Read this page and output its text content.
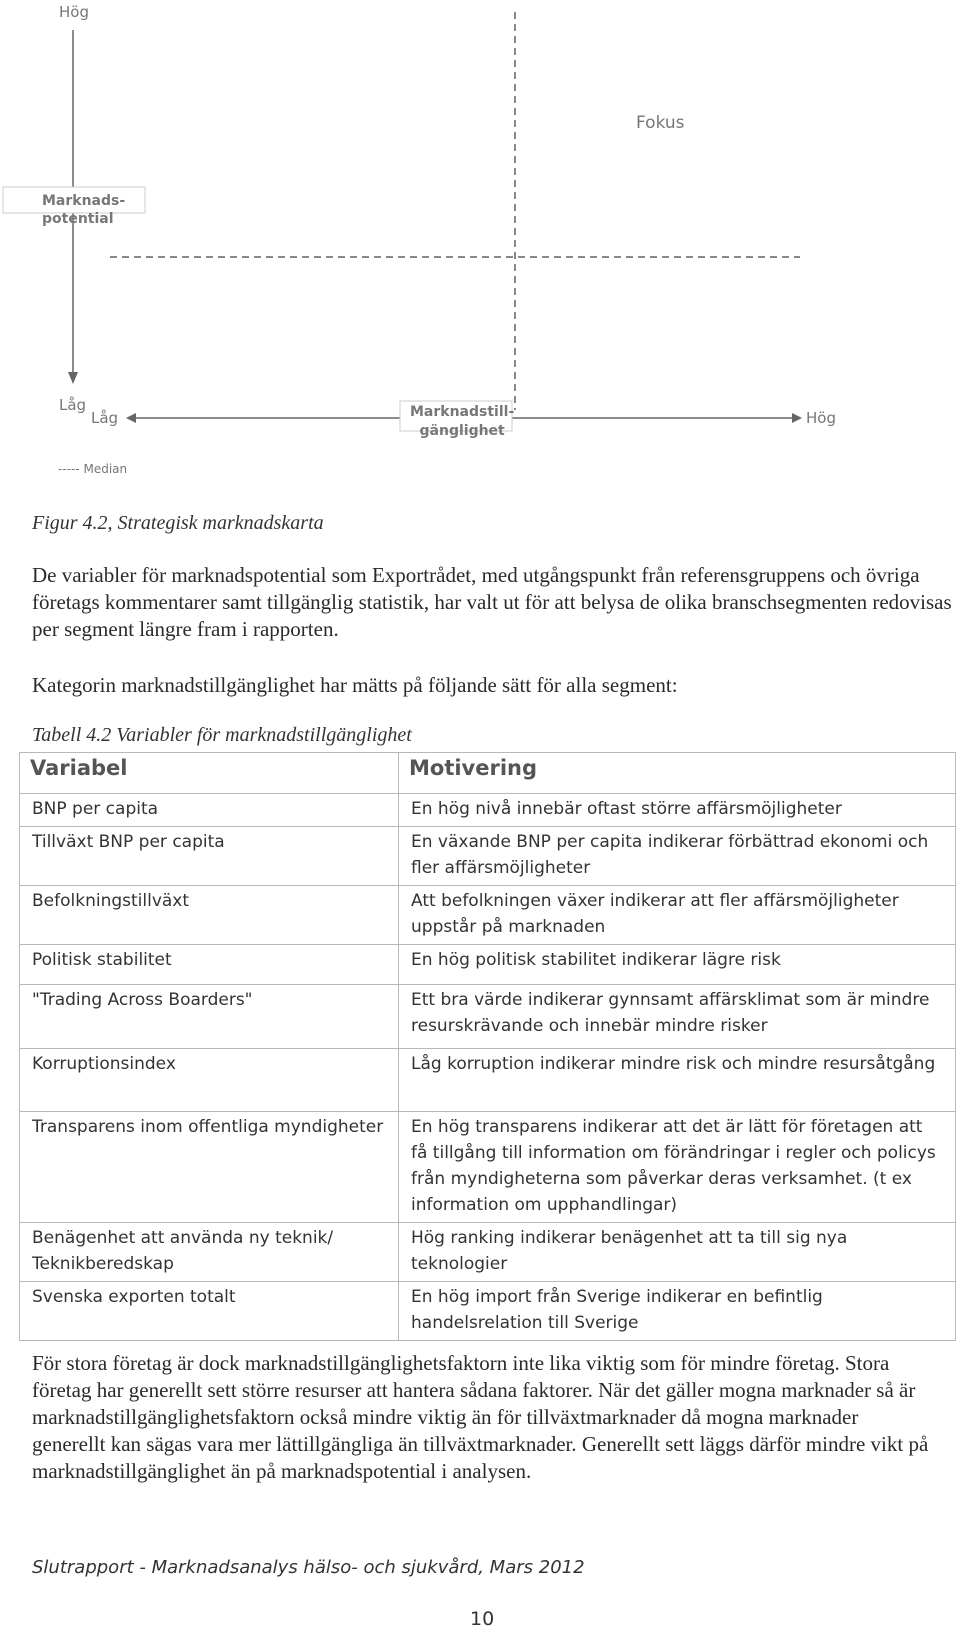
Hög
Fokus
Marknads-
potential
Låg
Låg	Marknadstill-
gänglighet
Hög
----- Median
Figur 4.2, Strategisk marknadskarta
De variabler för marknadspotential som Exportrådet, med utgångspunkt från referensgruppens och övriga företags kommentarer samt tillgänglig statistik, har valt ut för att belysa de olika branschsegmenten redovisas per segment längre fram i rapporten.
Kategorin marknadstillgänglighet har mätts på följande sätt för alla segment:
Tabell 4.2 Variabler för marknadstillgänglighet
Variabel	Motivering
BNP per capita	En hög nivå innebär oftast större affärsmöjligheter
Tillväxt BNP per capita	En växande BNP per capita indikerar förbättrad ekonomi och fler affärsmöjligheter
Befolkningstillväxt	Att befolkningen växer indikerar att fler affärsmöjligheter uppstår på marknaden
Politisk stabilitet	En hög politisk stabilitet indikerar lägre risk
"Trading Across Boarders"	Ett bra värde indikerar gynnsamt affärsklimat som är mindre resurskrävande och innebär mindre risker
Korruptionsindex	Låg korruption indikerar mindre risk och mindre resursåtgång
Transparens inom offentliga myndigheter	En hög transparens indikerar att det är lätt för företagen att få tillgång till information om förändringar i regler och policys från myndigheterna som påverkar deras verksamhet. (t ex information om upphandlingar)
Benägenhet att använda ny teknik/ Teknikberedskap	Hög ranking indikerar benägenhet att ta till sig nya teknologier
Svenska exporten totalt	En hög import från Sverige indikerar en befintlig handelsrelation till Sverige
För stora företag är dock marknadstillgänglighetsfaktorn inte lika viktig som för mindre företag. Stora företag har generellt sett större resurser att hantera sådana faktorer. När det gäller mogna marknader så är marknadstillgänglighetsfaktorn också mindre viktig än för tillväxtmarknader då mogna marknader generellt kan sägas vara mer lättillgängliga än tillväxtmarknader. Generellt sett läggs därför mindre vikt på marknadstillgänglighet än på marknadspotential i analysen.
Slutrapport - Marknadsanalys hälso- och sjukvård, Mars 2012
10
